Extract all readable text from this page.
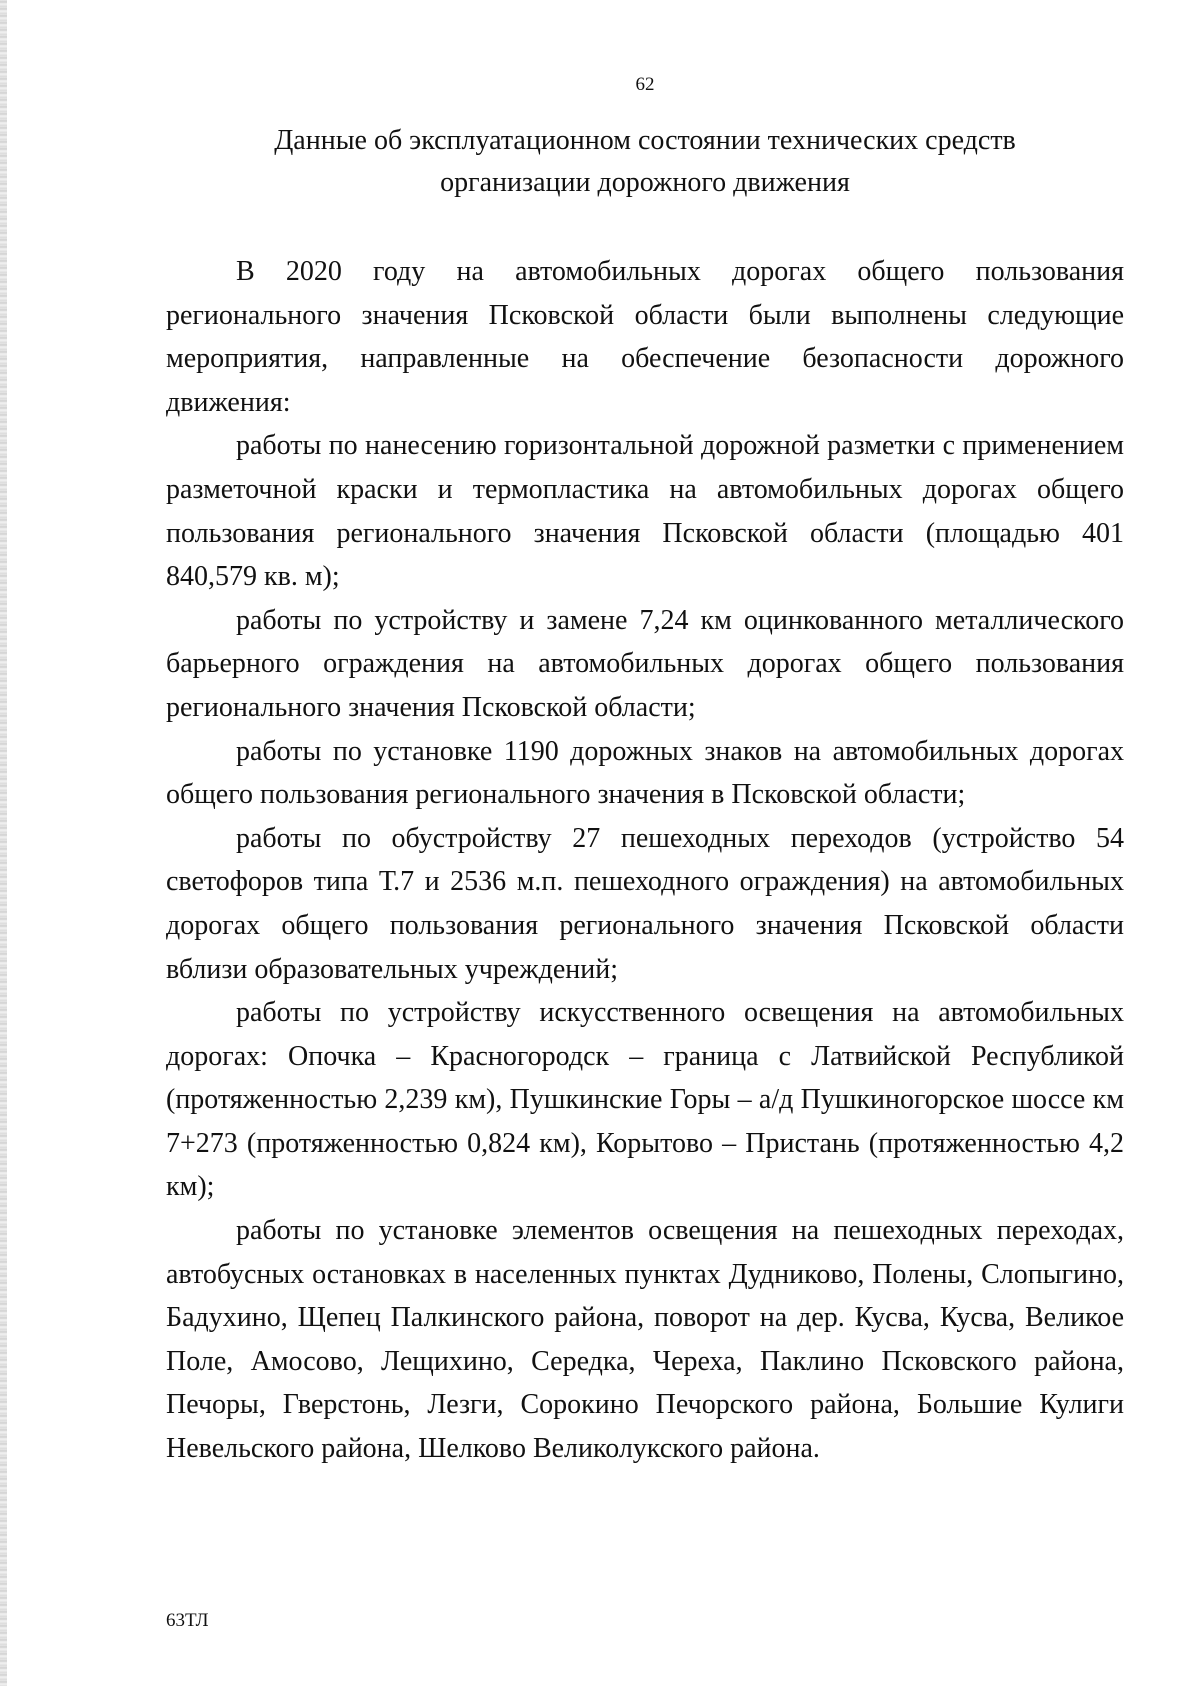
62
Данные об эксплуатационном состоянии технических средств
организации дорожного движения

В 2020 году на автомобильных дорогах общего пользования регионального значения Псковской области были выполнены следующие мероприятия, направленные на обеспечение безопасности дорожного движения:

работы по нанесению горизонтальной дорожной разметки с применением разметочной краски и термопластика на автомобильных дорогах общего пользования регионального значения Псковской области (площадью 401 840,579 кв. м);

работы по устройству и замене 7,24 км оцинкованного металлического барьерного ограждения на автомобильных дорогах общего пользования регионального значения Псковской области;

работы по установке 1190 дорожных знаков на автомобильных дорогах общего пользования регионального значения в Псковской области;

работы по обустройству 27 пешеходных переходов (устройство 54 светофоров типа Т.7 и 2536 м.п. пешеходного ограждения) на автомобильных дорогах общего пользования регионального значения Псковской области вблизи образовательных учреждений;

работы по устройству искусственного освещения на автомобильных дорогах: Опочка – Красногородск – граница с Латвийской Республикой (протяженностью 2,239 км), Пушкинские Горы – а/д Пушкиногорское шоссе км 7+273 (протяженностью 0,824 км), Корытово – Пристань (протяженностью 4,2 км);

работы по установке элементов освещения на пешеходных переходах, автобусных остановках в населенных пунктах Дудниково, Полены, Слопыгино, Бадухино, Щепец Палкинского района, поворот на дер. Кусва, Кусва, Великое Поле, Амосово, Лещихино, Середка, Череха, Паклино Псковского района, Печоры, Гверстонь, Лезги, Сорокино Печорского района, Большие Кулиги Невельского района, Шелково Великолукского района.

63ТЛ
